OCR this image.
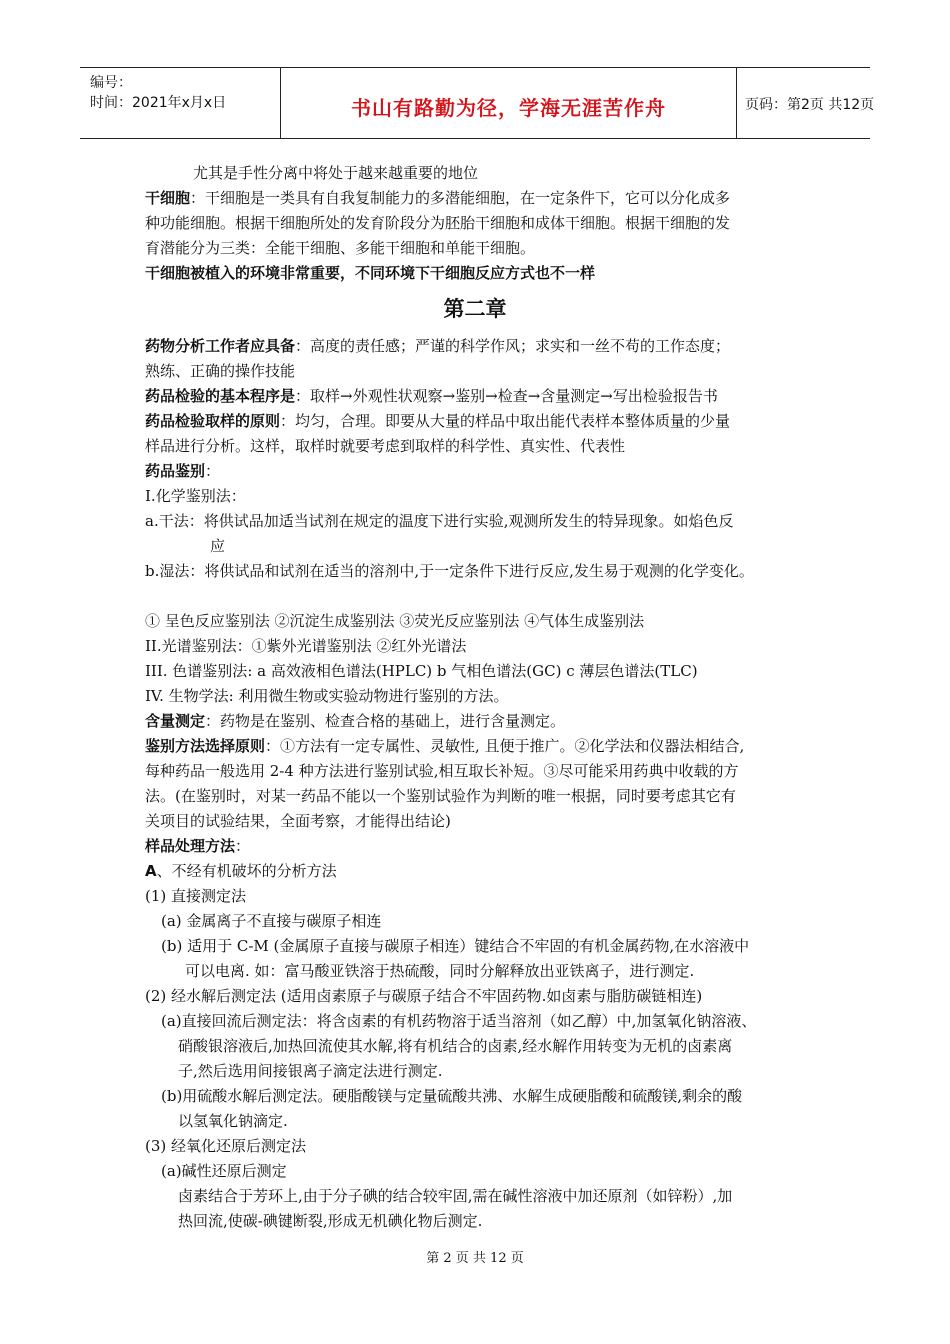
编号：
时间：2021年x月x日	书山有路勤为径，学海无涯苦作舟	页码：第2页 共12页
尤其是手性分离中将处于越来越重要的地位
干细胞：干细胞是一类具有自我复制能力的多潜能细胞，在一定条件下，它可以分化成多
种功能细胞。根据干细胞所处的发育阶段分为胚胎干细胞和成体干细胞。根据干细胞的发
育潜能分为三类：全能干细胞、多能干细胞和单能干细胞。
干细胞被植入的环境非常重要，不同环境下干细胞反应方式也不一样
药物分析工作者应具备：高度的责任感；严谨的科学作风；求实和一丝不苟的工作态度；
熟练、正确的操作技能
药品检验的基本程序是：取样→外观性状观察→鉴别→检查→含量测定→写出检验报告书
药品检验取样的原则：均匀，合理。即要从大量的样品中取出能代表样本整体质量的少量
样品进行分析。这样，取样时就要考虑到取样的科学性、真实性、代表性
药品鉴别：
I.化学鉴别法：
a.干法：将供试品加适当试剂在规定的温度下进行实验,观测所发生的特异现象。如焰色反
应
b.湿法：将供试品和试剂在适当的溶剂中,于一定条件下进行反应,发生易于观测的化学变化。
① 呈色反应鉴别法 ②沉淀生成鉴别法 ③荧光反应鉴别法 ④气体生成鉴别法
II.光谱鉴别法：①紫外光谱鉴别法 ②红外光谱法
III. 色谱鉴别法: a 高效液相色谱法(HPLC) b 气相色谱法(GC) c 薄层色谱法(TLC)
IV. 生物学法: 利用微生物或实验动物进行鉴别的方法。
含量测定：药物是在鉴别、检查合格的基础上，进行含量测定。
鉴别方法选择原则：①方法有一定专属性、灵敏性, 且便于推广。②化学法和仪器法相结合,
每种药品一般选用 2-4 种方法进行鉴别试验,相互取长补短。③尽可能采用药典中收载的方
法。(在鉴别时，对某一药品不能以一个鉴别试验作为判断的唯一根据，同时要考虑其它有
关项目的试验结果，全面考察，才能得出结论)
样品处理方法：
A、不经有机破坏的分析方法
(1) 直接测定法
(a) 金属离子不直接与碳原子相连
(b) 适用于 C-M (金属原子直接与碳原子相连）键结合不牢固的有机金属药物,在水溶液中
可以电离. 如：富马酸亚铁溶于热硫酸，同时分解释放出亚铁离子，进行测定.
(2) 经水解后测定法 (适用卤素原子与碳原子结合不牢固药物.如卤素与脂肪碳链相连)
(a)直接回流后测定法：将含卤素的有机药物溶于适当溶剂（如乙醇）中,加氢氧化钠溶液、
硝酸银溶液后,加热回流使其水解,将有机结合的卤素,经水解作用转变为无机的卤素离
子,然后选用间接银离子滴定法进行测定.
(b)用硫酸水解后测定法。硬脂酸镁与定量硫酸共沸、水解生成硬脂酸和硫酸镁,剩余的酸
以氢氧化钠滴定.
(3) 经氧化还原后测定法
(a)碱性还原后测定
卤素结合于芳环上,由于分子碘的结合较牢固,需在碱性溶液中加还原剂（如锌粉）,加
热回流,使碳-碘键断裂,形成无机碘化物后测定.
第二章
第 2 页 共 12 页
